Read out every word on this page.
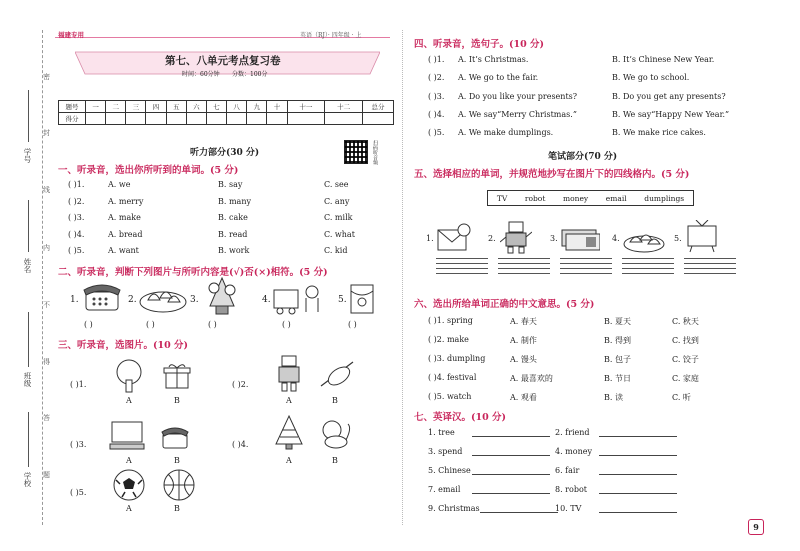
密
封
线
内
不
得
答
题
学号
姓名
班级
学校
福建专用	英语（RJ）· 四年级 · 上
第七、八单元考点复习卷
时间：60分钟 分数：100分
题号	一	二	三	四	五	六	七	八	九	十	十一	十二	总分
得分													
听力部分(30 分)	扫码听音频
一、听录音，选出你所听到的单词。(5 分)
( )1.	A. we	B. say	C. see
( )2.	A. merry	B. many	C. any
( )3.	A. make	B. cake	C. milk
( )4.	A. bread	B. read	C. what
( )5.	A. want	B. work	C. kid
二、听录音，判断下列图片与所听内容是(√)否(×)相符。(5 分)
1.
( )
2.
( )
3.
( )
4.
( )
5.
( )
三、听录音，选图片。(10 分)
( )1.
A	B
( )2.
A	B
( )3.
A	B
( )4.
A	B
( )5.
A	B
四、听录音，选句子。(10 分)
( )1. A. It’s Christmas.	B. It’s Chinese New Year.
( )2. A. We go to the fair.	B. We go to school.
( )3. A. Do you like your presents?	B. Do you get any presents?
( )4. A. We say“Merry Christmas.”	B. We say“Happy New Year.”
( )5. A. We make dumplings.	B. We make rice cakes.
笔试部分(70 分)
五、选择相应的单词，并规范地抄写在图片下的四线格内。(5 分)
TV robot money email dumplings
1.	2.	3.	4.	5.
六、选出所给单词正确的中文意思。(5 分)
( )1. spring	A. 春天	B. 夏天	C. 秋天
( )2. make	A. 制作	B. 得到	C. 找到
( )3. dumpling	A. 馒头	B. 包子	C. 饺子
( )4. festival	A. 最喜欢的	B. 节日	C. 家庭
( )5. watch	A. 观看	B. 读	C. 听
七、英译汉。(10 分)
1. tree	2. friend
3. spend	4. money
5. Chinese	6. fair
7. email	8. robot
9. Christmas	10. TV
9
